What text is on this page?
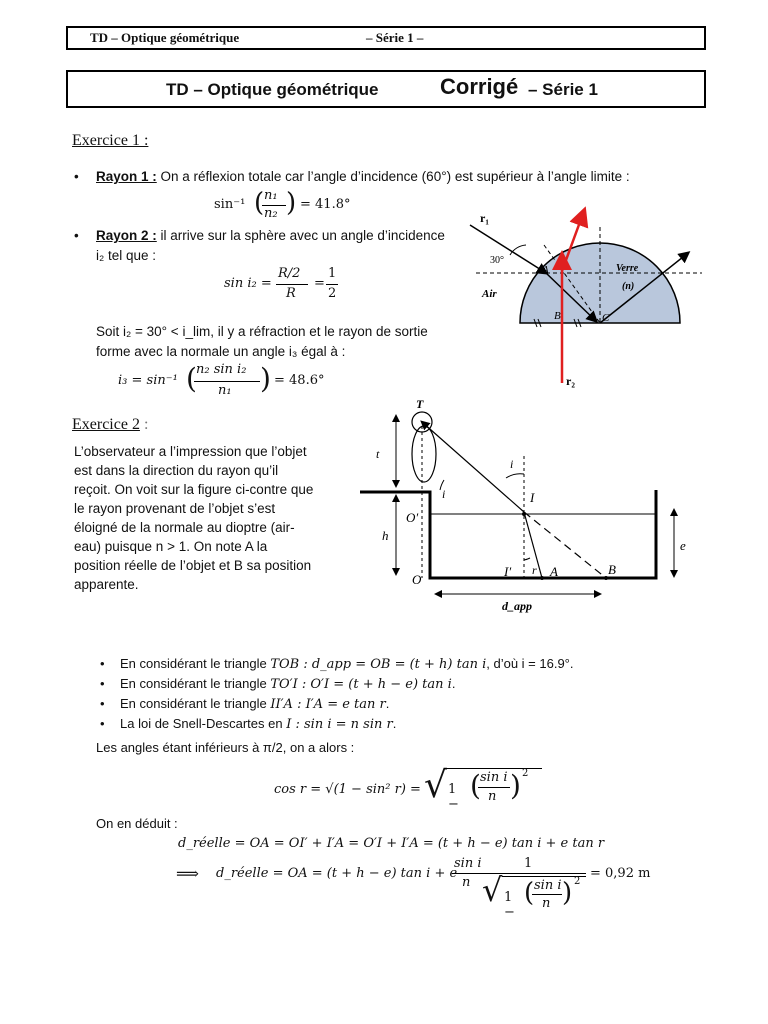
TD – Optique géométrique	– Série 1 –
TD – Optique géométrique	Corrigé – Série 1
Exercice 1 :
• Rayon 1 : On a réflexion totale car l’angle d’incidence (60°) est supérieur à l’angle limite :
sin⁻¹ ( n₁
n₂ ) = 41.8°
• Rayon 2 : il arrive sur la sphère avec un angle d’incidence
i₂ tel que :
sin i₂ =
R/2
R
=
1
2
Soit i₂ = 30° < i_lim, il y a réfraction et le rayon de sortie
forme avec la normale un angle i₃ égal à :
i₃ = sin⁻¹ ( n₂ sin i₂
n₁ ) = 48.6°
r₁
r₂
30°
A
B	C
Verre
(n)
Air
Exercice 2 :
L’observateur a l’impression que l’objet
est dans la direction du rayon qu’il
reçoit. On voit sur la figure ci-contre que
le rayon provenant de l’objet s’est
éloigné de la normale au dioptre (air-
eau) puisque n > 1. On note A la
position réelle de l’objet et B sa position
apparente.
T
t
i
i	I
O′
h
O
I′ r A	B
e
d_app
• En considérant le triangle TOB : d_app = OB = (t + h) tan i, d’où i = 16.9°.
• En considérant le triangle TO′I : O′I = (t + h − e) tan i.
• En considérant le triangle II′A : I′A = e tan r.
• La loi de Snell-Descartes en I : sin i = n sin r.
Les angles étant inférieurs à π/2, on a alors :
cos r = √(1 − sin² r) = √ 1 −
( sin i
n ) 2
On en déduit :
d_réelle = OA = OI′ + I′A = O′I + I′A = (t + h − e) tan i + e tan r
⟹ d_réelle = OA = (t + h − e) tan i + e
sin i
n
1
√ 1 −
( sin i
n ) 2
= 0,92 m
